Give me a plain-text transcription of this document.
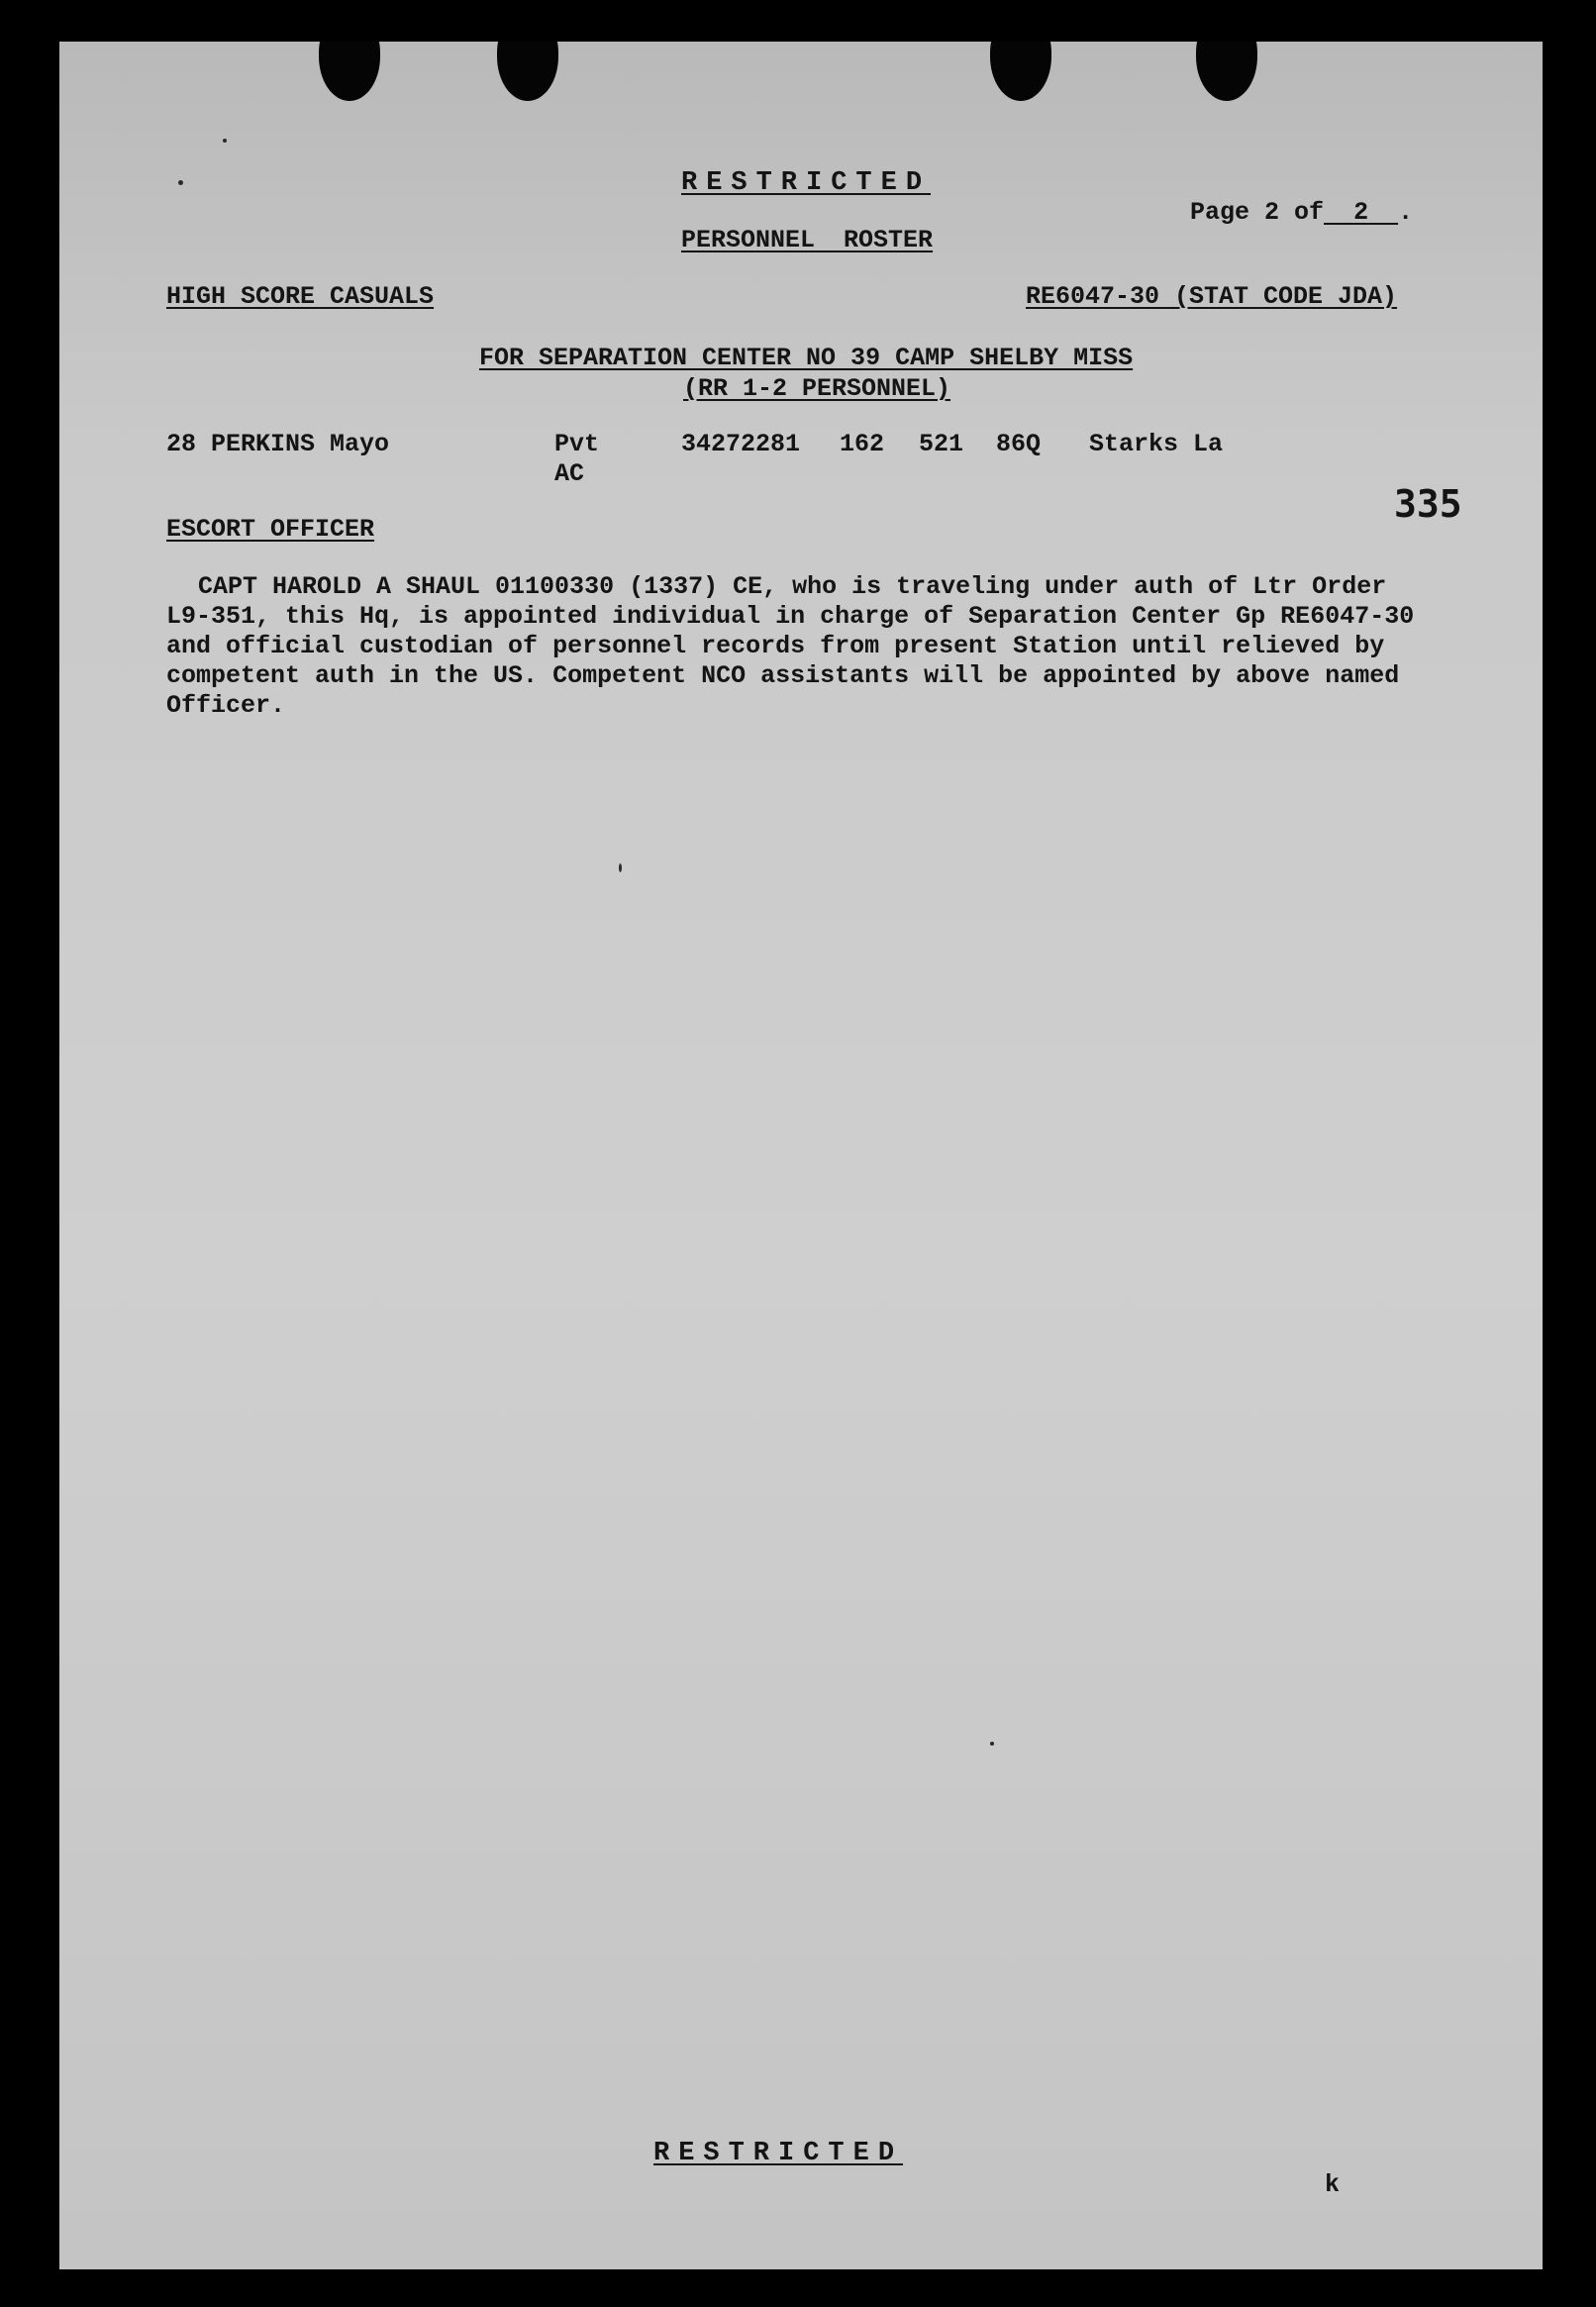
RESTRICTED

Page 2 of 2 .

PERSONNEL ROSTER
HIGH SCORE CASUALS	RE6047-30 (STAT CODE JDA)
FOR SEPARATION CENTER NO 39 CAMP SHELBY MISS
(RR 1-2 PERSONNEL)
28 PERKINS Mayo	Pvt
AC
34272281 162 521 86Q Starks La
335
ESCORT OFFICER
CAPT HAROLD A SHAUL 01100330 (1337) CE, who is traveling under auth of Ltr Order L9-351, this Hq, is appointed individual in charge of Separation Center Gp RE6047-30 and official custodian of personnel records from present Station until relieved by competent auth in the US. Competent NCO assistants will be appointed by above named Officer.
RESTRICTED
k
